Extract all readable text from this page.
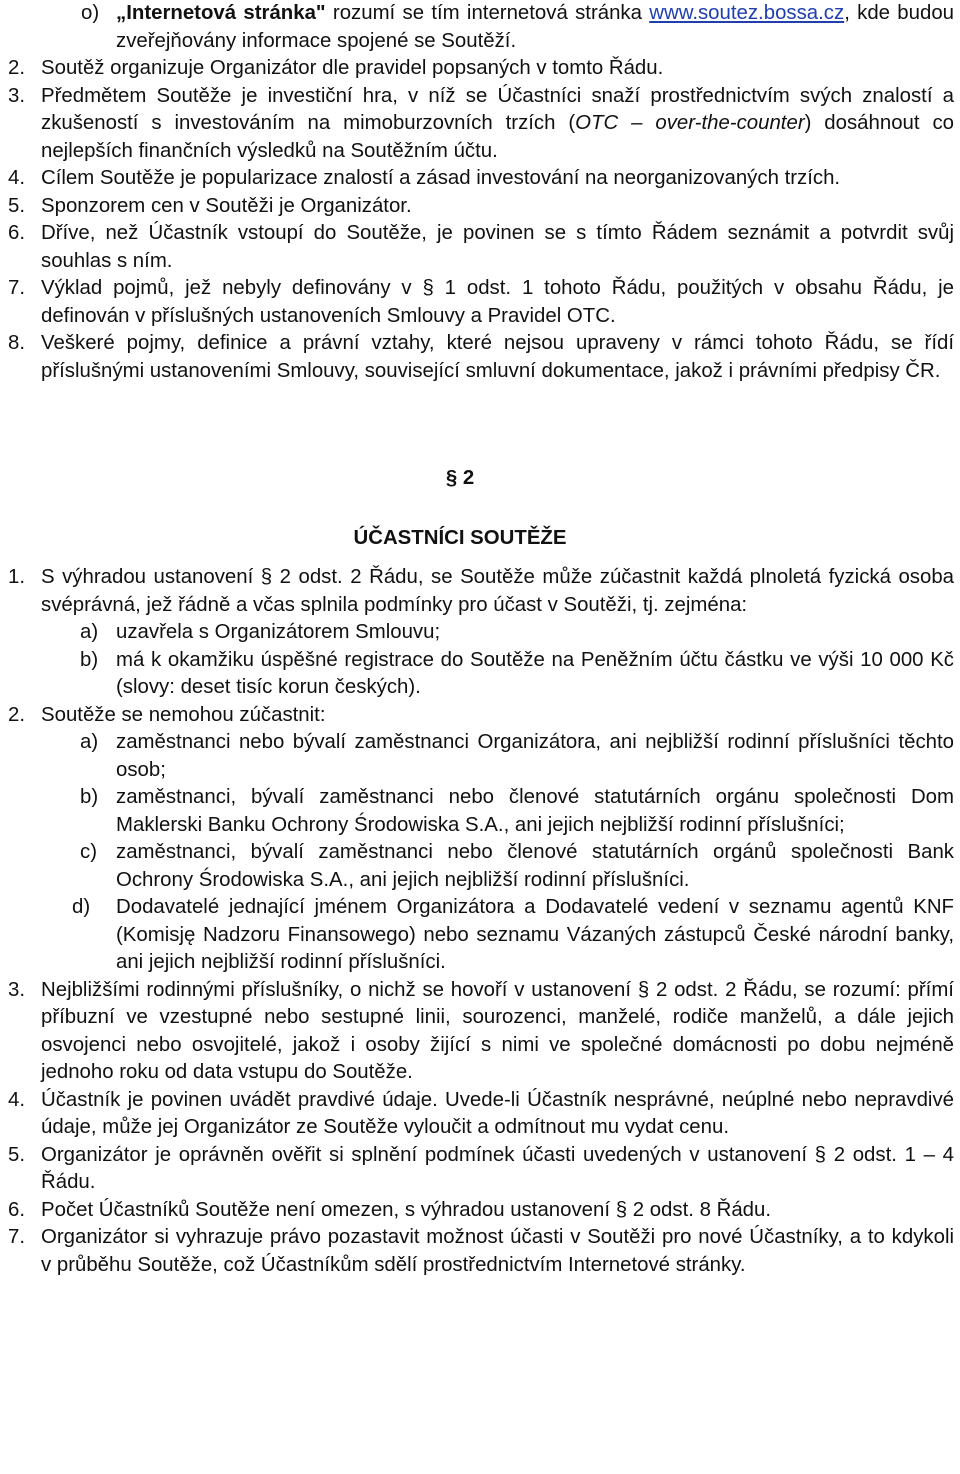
o) „Internetová stránka" rozumí se tím internetová stránka www.soutez.bossa.cz, kde budou zveřejňovány informace spojené se Soutěží.
2. Soutěž organizuje Organizátor dle pravidel popsaných v tomto Řádu.
3. Předmětem Soutěže je investiční hra, v níž se Účastníci snaží prostřednictvím svých znalostí a zkušeností s investováním na mimoburzovních trzích (OTC – over-the-counter) dosáhnout co nejlepších finančních výsledků na Soutěžním účtu.
4. Cílem Soutěže je popularizace znalostí a zásad investování na neorganizovaných trzích.
5. Sponzorem cen v Soutěži je Organizátor.
6. Dříve, než Účastník vstoupí do Soutěže, je povinen se s tímto Řádem seznámit a potvrdit svůj souhlas s ním.
7. Výklad pojmů, jež nebyly definovány v § 1 odst. 1 tohoto Řádu, použitých v obsahu Řádu, je definován v příslušných ustanoveních Smlouvy a Pravidel OTC.
8. Veškeré pojmy, definice a právní vztahy, které nejsou upraveny v rámci tohoto Řádu, se řídí příslušnými ustanoveními Smlouvy, související smluvní dokumentace, jakož i právními předpisy ČR.
§ 2
ÚČASTNÍCI SOUTĚŽE
1. S výhradou ustanovení § 2 odst. 2 Řádu, se Soutěže může zúčastnit každá plnoletá fyzická osoba svéprávná, jež řádně a včas splnila podmínky pro účast v Soutěži, tj. zejména:
a) uzavřela s Organizátorem Smlouvu;
b) má k okamžiku úspěšné registrace do Soutěže na Peněžním účtu částku ve výši 10 000 Kč (slovy: deset tisíc korun českých).
2. Soutěže se nemohou zúčastnit:
a) zaměstnanci nebo bývalí zaměstnanci Organizátora, ani nejbližší rodinní příslušníci těchto osob;
b) zaměstnanci, bývalí zaměstnanci nebo členové statutárních orgánu společnosti Dom Maklerski Banku Ochrony Środowiska S.A., ani jejich nejbližší rodinní příslušníci;
c) zaměstnanci, bývalí zaměstnanci nebo členové statutárních orgánů společnosti Bank Ochrony Środowiska S.A., ani jejich nejbližší rodinní příslušníci.
d)	Dodavatelé jednající jménem Organizátora a Dodavatelé vedení v seznamu agentů KNF (Komisję Nadzoru Finansowego) nebo seznamu Vázaných zástupců České národní banky, ani jejich nejbližší rodinní příslušníci.
3. Nejbližšími rodinnými příslušníky, o nichž se hovoří v ustanovení § 2 odst. 2 Řádu, se rozumí: přímí příbuzní ve vzestupné nebo sestupné linii, sourozenci, manželé, rodiče manželů, a dále jejich osvojenci nebo osvojitelé, jakož i osoby žijící s nimi ve společné domácnosti po dobu nejméně jednoho roku od data vstupu do Soutěže.
4. Účastník je povinen uvádět pravdivé údaje. Uvede-li Účastník nesprávné, neúplné nebo nepravdivé údaje, může jej Organizátor ze Soutěže vyloučit a odmítnout mu vydat cenu.
5. Organizátor je oprávněn ověřit si splnění podmínek účasti uvedených v ustanovení § 2 odst. 1 – 4 Řádu.
6. Počet Účastníků Soutěže není omezen, s výhradou ustanovení § 2 odst. 8 Řádu.
7. Organizátor si vyhrazuje právo pozastavit možnost účasti v Soutěži pro nové Účastníky, a to kdykoli v průběhu Soutěže, což Účastníkům sdělí prostřednictvím Internetové stránky.
